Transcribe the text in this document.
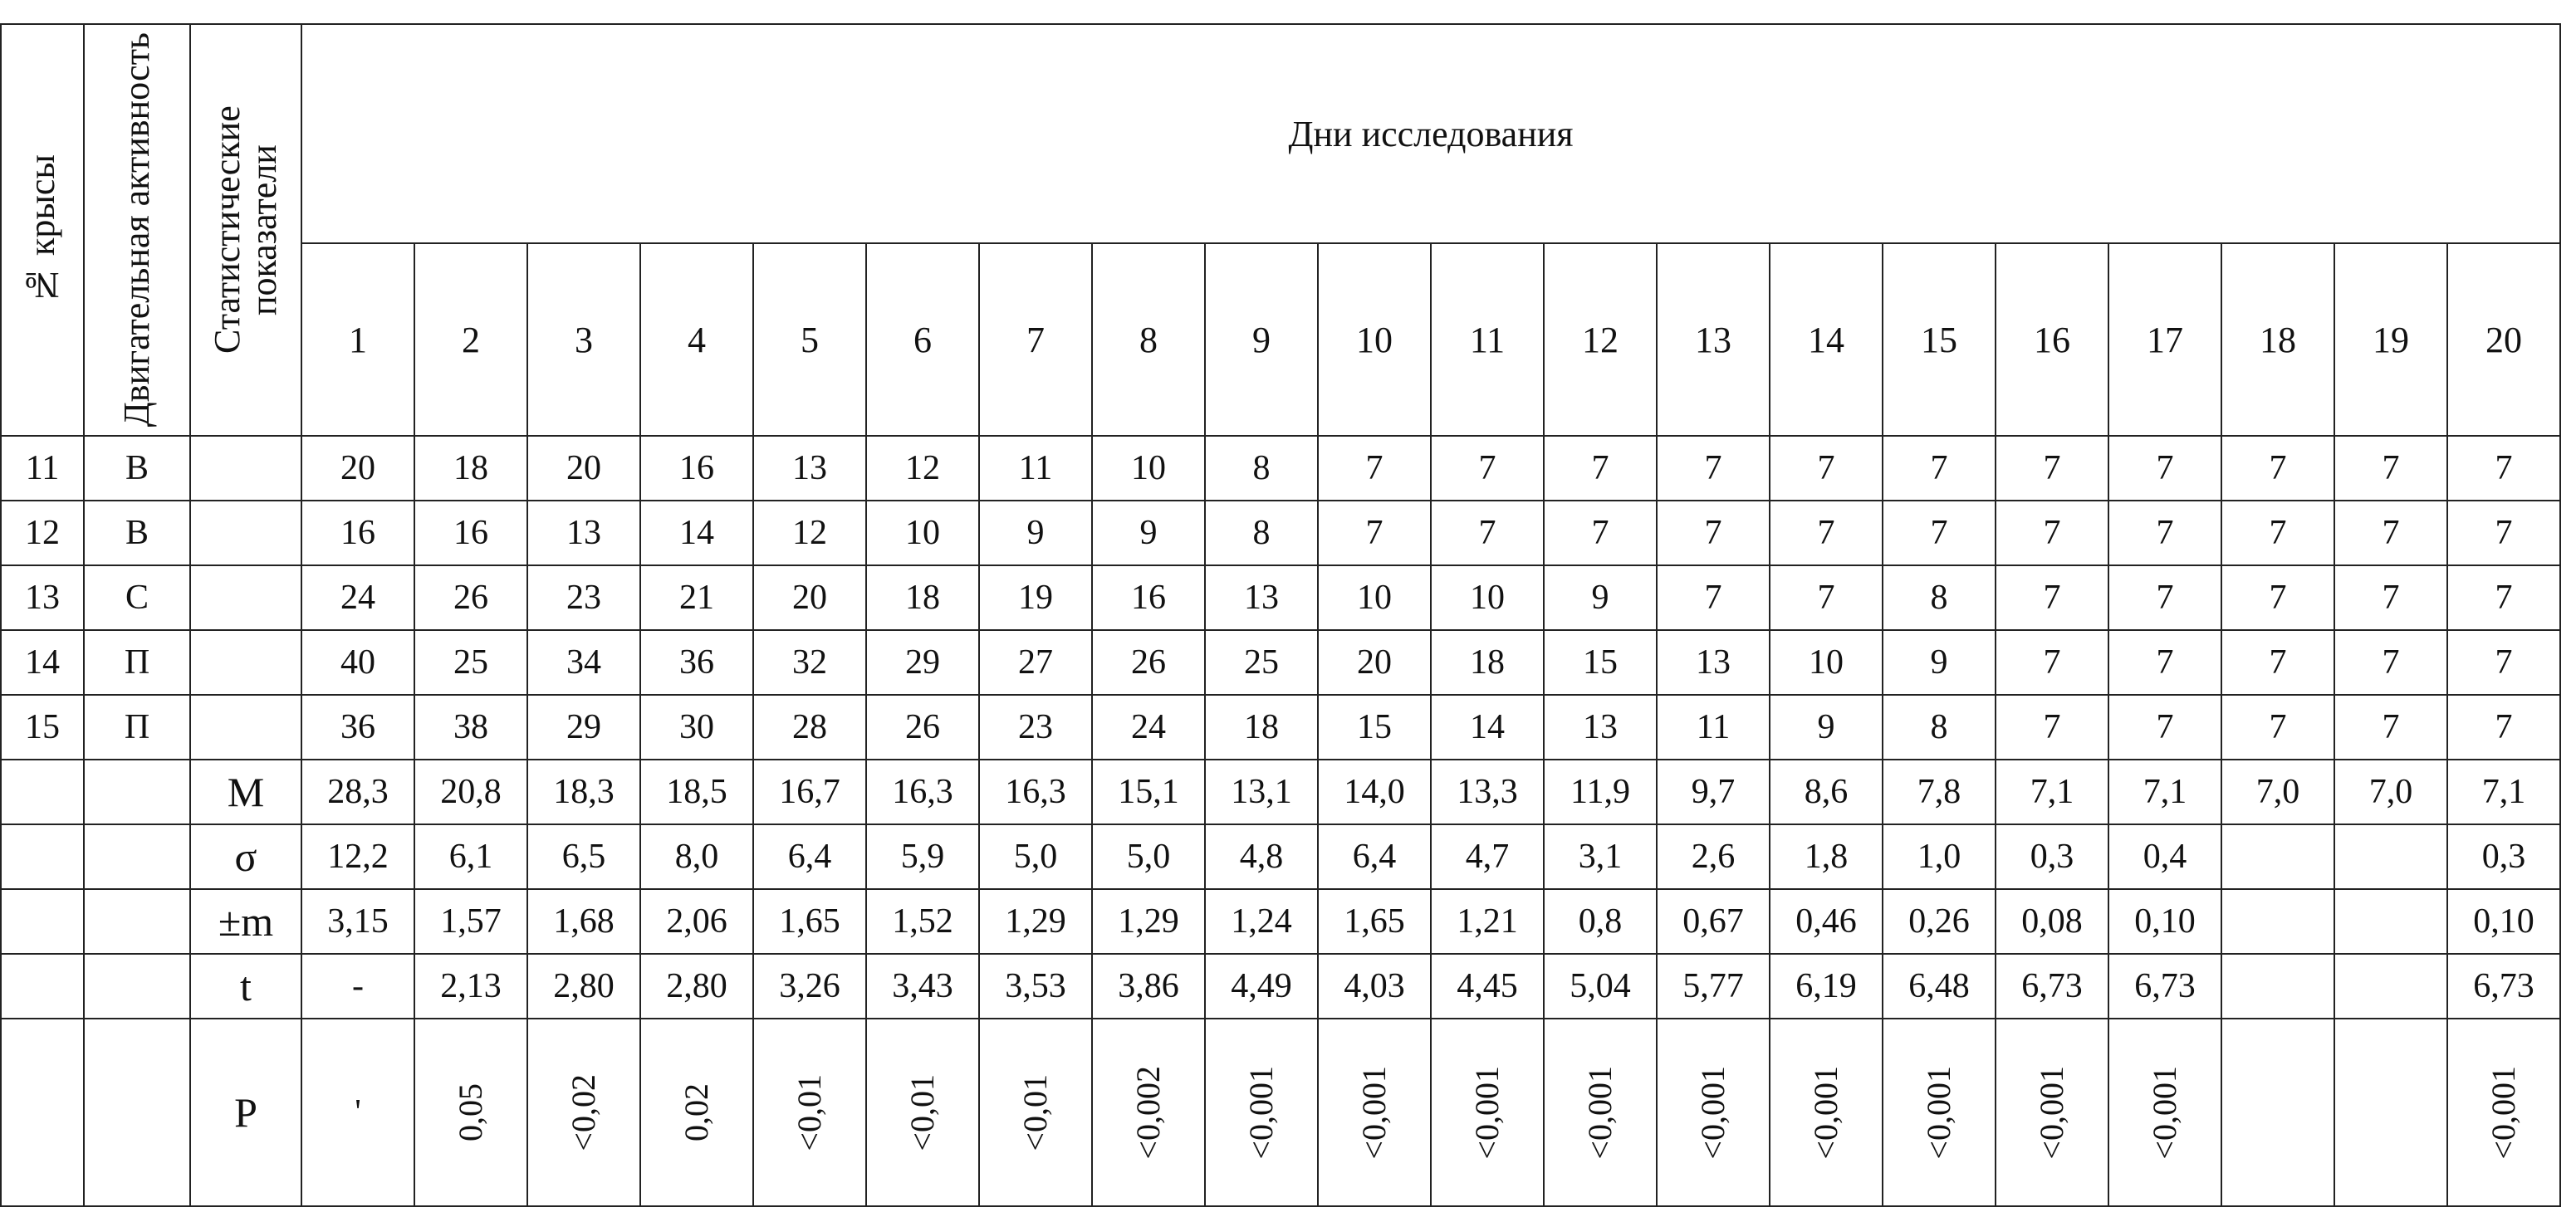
№ крысы	Двигательная активность	Статистические показатели	Дни исследования																			
			1	2	3	4	5	6	7	8	9	10	11	12	13	14	15	16	17	18	19	20
11	В		20	18	20	16	13	12	11	10	8	7	7	7	7	7	7	7	7	7	7	7
12	В		16	16	13	14	12	10	9	9	8	7	7	7	7	7	7	7	7	7	7	7
13	С		24	26	23	21	20	18	19	16	13	10	10	9	7	7	8	7	7	7	7	7
14	П		40	25	34	36	32	29	27	26	25	20	18	15	13	10	9	7	7	7	7	7
15	П		36	38	29	30	28	26	23	24	18	15	14	13	11	9	8	7	7	7	7	7
		M	28,3	20,8	18,3	18,5	16,7	16,3	16,3	15,1	13,1	14,0	13,3	11,9	9,7	8,6	7,8	7,1	7,1	7,0	7,0	7,1
		σ	12,2	6,1	6,5	8,0	6,4	5,9	5,0	5,0	4,8	6,4	4,7	3,1	2,6	1,8	1,0	0,3	0,4			0,3
		±m	3,15	1,57	1,68	2,06	1,65	1,52	1,29	1,29	1,24	1,65	1,21	0,8	0,67	0,46	0,26	0,08	0,10			0,10
		t	-	2,13	2,80	2,80	3,26	3,43	3,53	3,86	4,49	4,03	4,45	5,04	5,77	6,19	6,48	6,73	6,73			6,73
		Р	'	0,05	<0,02	0,02	<0,01	<0,01	<0,01	<0,002	<0,001	<0,001	<0,001	<0,001	<0,001	<0,001	<0,001	<0,001	<0,001			<0,001
